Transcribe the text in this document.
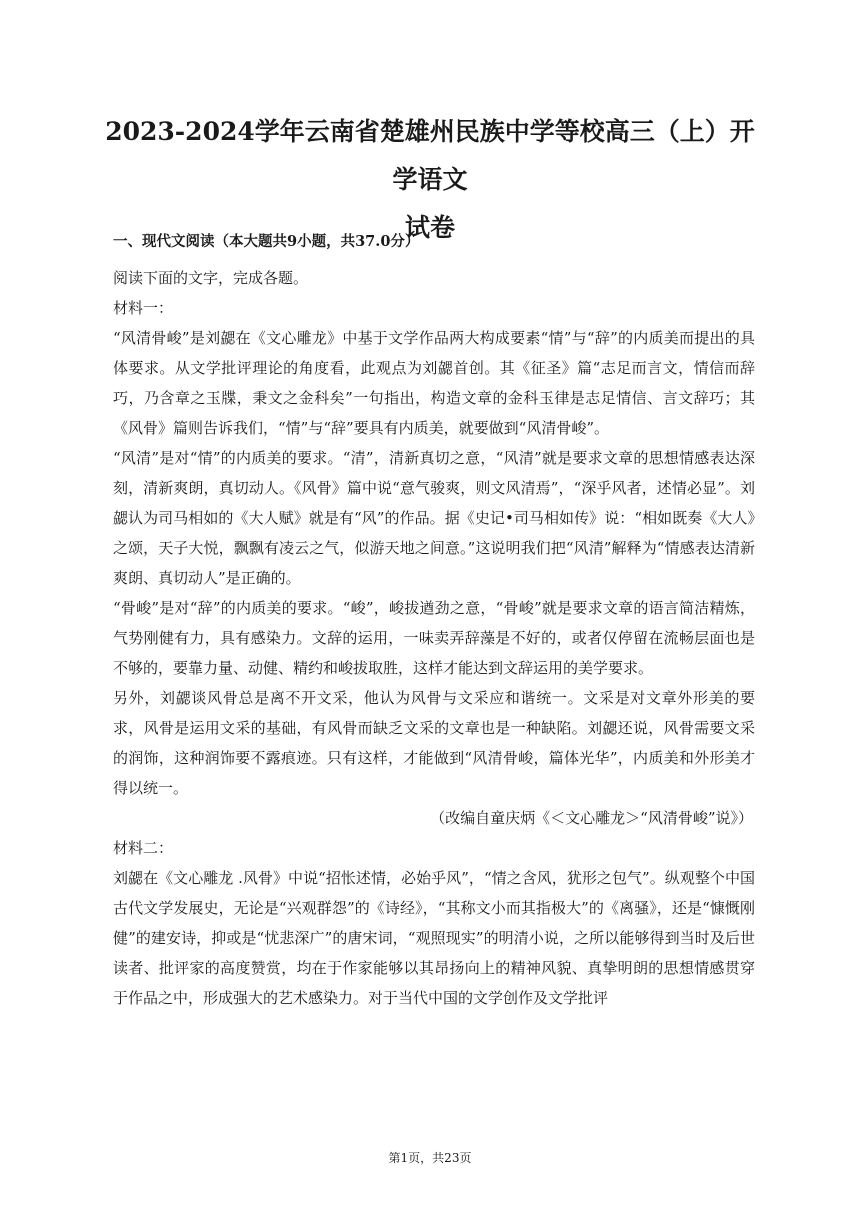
2023-2024学年云南省楚雄州民族中学等校高三（上）开学语文
试卷
一、现代文阅读（本大题共9小题，共37.0分）

阅读下面的文字，完成各题。

材料一：

“风清骨峻”是刘勰在《文心雕龙》中基于文学作品两大构成要素“情”与“辞”的内质美而提出的具体要求。从文学批评理论的角度看，此观点为刘勰首创。其《征圣》篇“志足而言文，情信而辞巧，乃含章之玉牒，秉文之金科矣”一句指出，构造文章的金科玉律是志足情信、言文辞巧；其《风骨》篇则告诉我们，“情”与“辞”要具有内质美，就要做到“风清骨峻”。

“风清”是对“情”的内质美的要求。“清”，清新真切之意，“风清”就是要求文章的思想情感表达深刻，清新爽朗，真切动人。《风骨》篇中说“意气骏爽，则文风清焉”，“深乎风者，述情必显”。刘勰认为司马相如的《大人赋》就是有“风”的作品。据《史记•司马相如传》说：“相如既奏《大人》之颂，天子大悦，飘飘有凌云之气，似游天地之间意。”这说明我们把“风清”解释为“情感表达清新爽朗、真切动人”是正确的。

“骨峻”是对“辞”的内质美的要求。“峻”，峻拔遒劲之意，“骨峻”就是要求文章的语言简洁精炼，气势刚健有力，具有感染力。文辞的运用，一味卖弄辞藻是不好的，或者仅停留在流畅层面也是不够的，要靠力量、动健、精约和峻拔取胜，这样才能达到文辞运用的美学要求。

另外，刘勰谈风骨总是离不开文采，他认为风骨与文采应和谐统一。文采是对文章外形美的要求，风骨是运用文采的基础，有风骨而缺乏文采的文章也是一种缺陷。刘勰还说，风骨需要文采的润饰，这种润饰要不露痕迹。只有这样，才能做到“风清骨峻，篇体光华”，内质美和外形美才得以统一。

（改编自童庆炳《＜文心雕龙＞“风清骨峻”说》）

材料二：

刘勰在《文心雕龙 .风骨》中说“招怅述情，必始乎风”，“情之含风，犹形之包气”。纵观整个中国古代文学发展史，无论是“兴观群怨”的《诗经》，“其称文小而其指极大”的《离骚》，还是“慷慨刚健”的建安诗，抑或是“忧悲深广”的唐宋词，“观照现实”的明清小说，之所以能够得到当时及后世读者、批评家的高度赞赏，均在于作家能够以其昂扬向上的精神风貌、真挚明朗的思想情感贯穿于作品之中，形成强大的艺术感染力。对于当代中国的文学创作及文学批评

第1页，共23页
